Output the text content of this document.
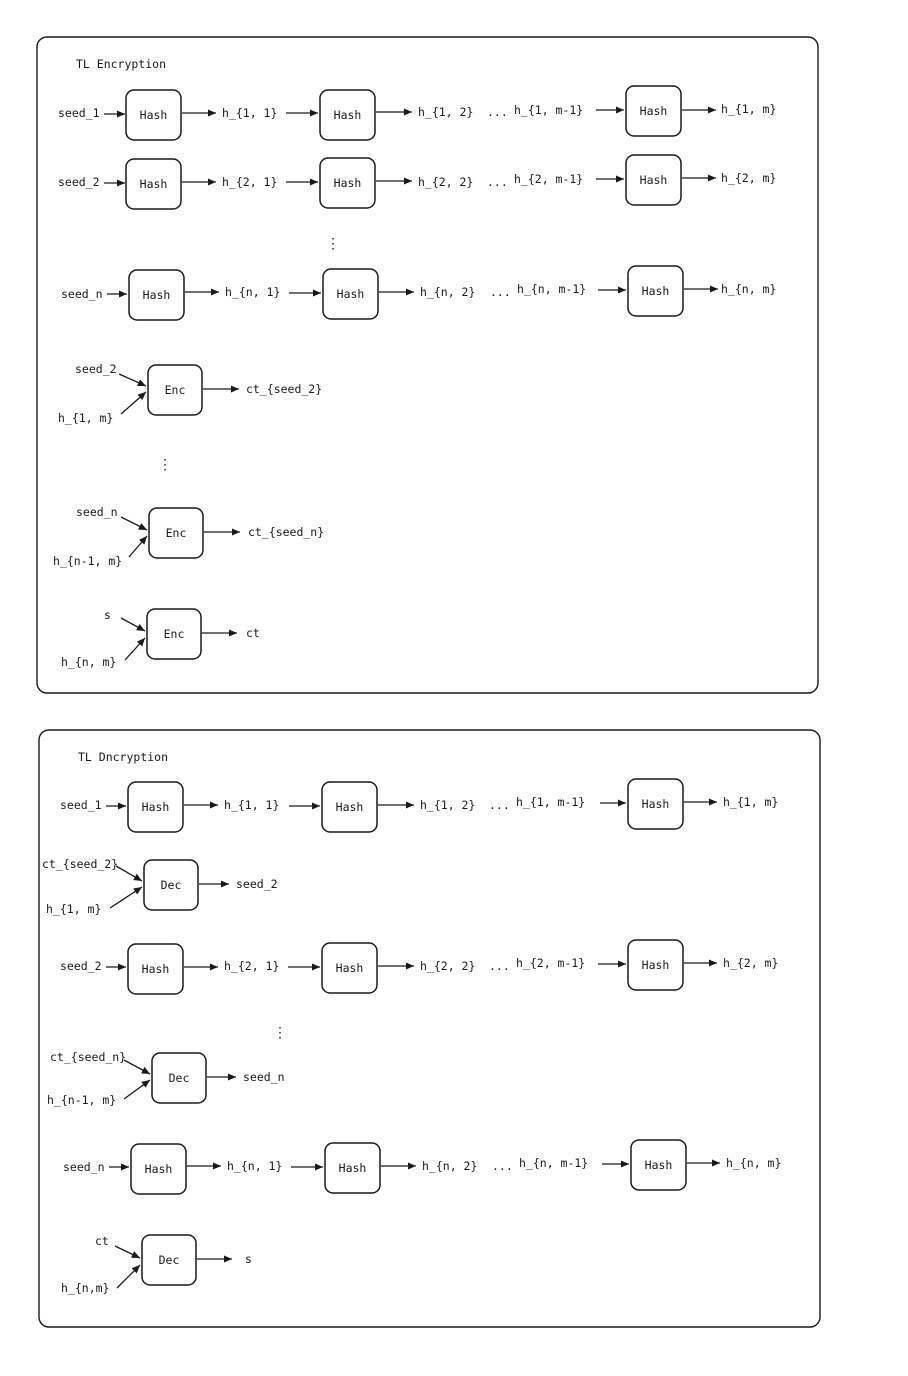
TL Encryption
seed_1	Hash	h_{1, 1}	Hash	h_{1, 2} ... h_{1, m-1}	Hash	h_{1, m}
seed_2	Hash	h_{2, 1}	Hash	h_{2, 2} ... h_{2, m-1}	Hash	h_{2, m}
⋮
seed_n	Hash	h_{n, 1}	Hash	h_{n, 2} ... h_{n, m-1}	Hash	h_{n, m}
seed_2
h_{1, m}
Enc	ct_{seed_2}
⋮
seed_n
h_{n-1, m}
Enc	ct_{seed_n}
s
h_{n, m}
Enc	ct
TL Dncryption
seed_1	Hash	h_{1, 1}	Hash	h_{1, 2} ... h_{1, m-1}	Hash	h_{1, m}
ct_{seed_2}
h_{1, m}
Dec	seed_2
seed_2	Hash	h_{2, 1}	Hash	h_{2, 2} ... h_{2, m-1}	Hash	h_{2, m}
⋮
ct_{seed_n}
h_{n-1, m}
Dec	seed_n
seed_n	Hash	h_{n, 1}	Hash	h_{n, 2} ... h_{n, m-1}	Hash	h_{n, m}
ct
h_{n,m}
Dec	s
